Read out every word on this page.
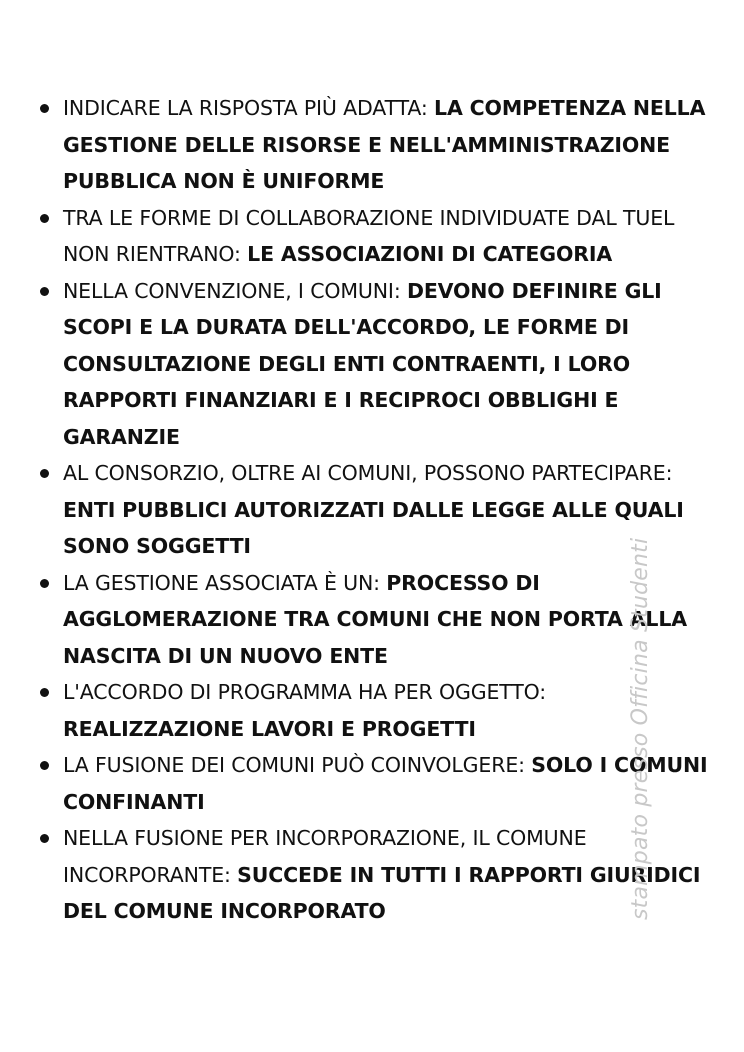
INDICARE LA RISPOSTA PIÙ ADATTA: LA COMPETENZA NELLA GESTIONE DELLE RISORSE E NELL'AMMINISTRAZIONE PUBBLICA NON È UNIFORME
TRA LE FORME DI COLLABORAZIONE INDIVIDUATE DAL TUEL NON RIENTRANO: LE ASSOCIAZIONI DI CATEGORIA
NELLA CONVENZIONE, I COMUNI: DEVONO DEFINIRE GLI SCOPI E LA DURATA DELL'ACCORDO, LE FORME DI CONSULTAZIONE DEGLI ENTI CONTRAENTI, I LORO RAPPORTI FINANZIARI E I RECIPROCI OBBLIGHI E GARANZIE
AL CONSORZIO, OLTRE AI COMUNI, POSSONO PARTECIPARE: ENTI PUBBLICI AUTORIZZATI DALLE LEGGE ALLE QUALI SONO SOGGETTI
LA GESTIONE ASSOCIATA È UN: PROCESSO DI AGGLOMERAZIONE TRA COMUNI CHE NON PORTA ALLA NASCITA DI UN NUOVO ENTE
L'ACCORDO DI PROGRAMMA HA PER OGGETTO: REALIZZAZIONE LAVORI E PROGETTI
LA FUSIONE DEI COMUNI PUÒ COINVOLGERE: SOLO I COMUNI CONFINANTI
NELLA FUSIONE PER INCORPORAZIONE, IL COMUNE INCORPORANTE: SUCCEDE IN TUTTI I RAPPORTI GIURIDICI DEL COMUNE INCORPORATO	stampato presso Officina Studenti
